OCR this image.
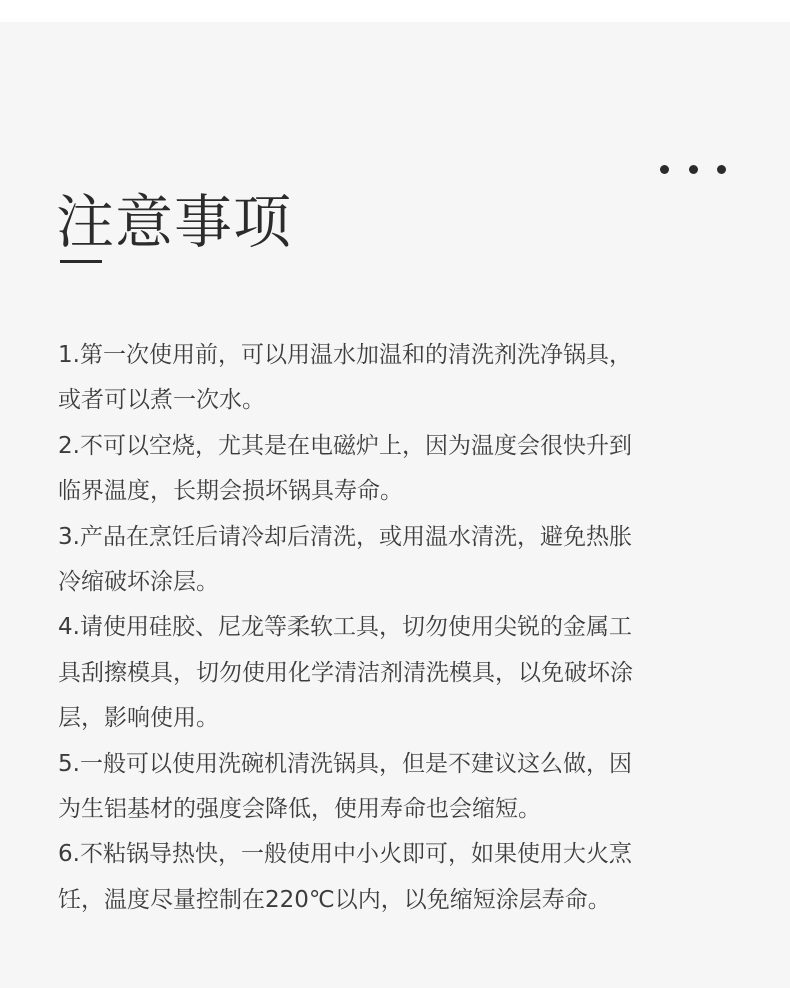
注意事项
1.第一次使用前，可以用温水加温和的清洗剂洗净锅具，
或者可以煮一次水。
2.不可以空烧，尤其是在电磁炉上，因为温度会很快升到
临界温度，长期会损坏锅具寿命。
3.产品在烹饪后请冷却后清洗，或用温水清洗，避免热胀
冷缩破坏涂层。
4.请使用硅胶、尼龙等柔软工具，切勿使用尖锐的金属工
具刮擦模具，切勿使用化学清洁剂清洗模具，以免破坏涂
层，影响使用。
5.一般可以使用洗碗机清洗锅具，但是不建议这么做，因
为生铝基材的强度会降低，使用寿命也会缩短。
6.不粘锅导热快，一般使用中小火即可，如果使用大火烹
饪，温度尽量控制在220℃以内，以免缩短涂层寿命。
